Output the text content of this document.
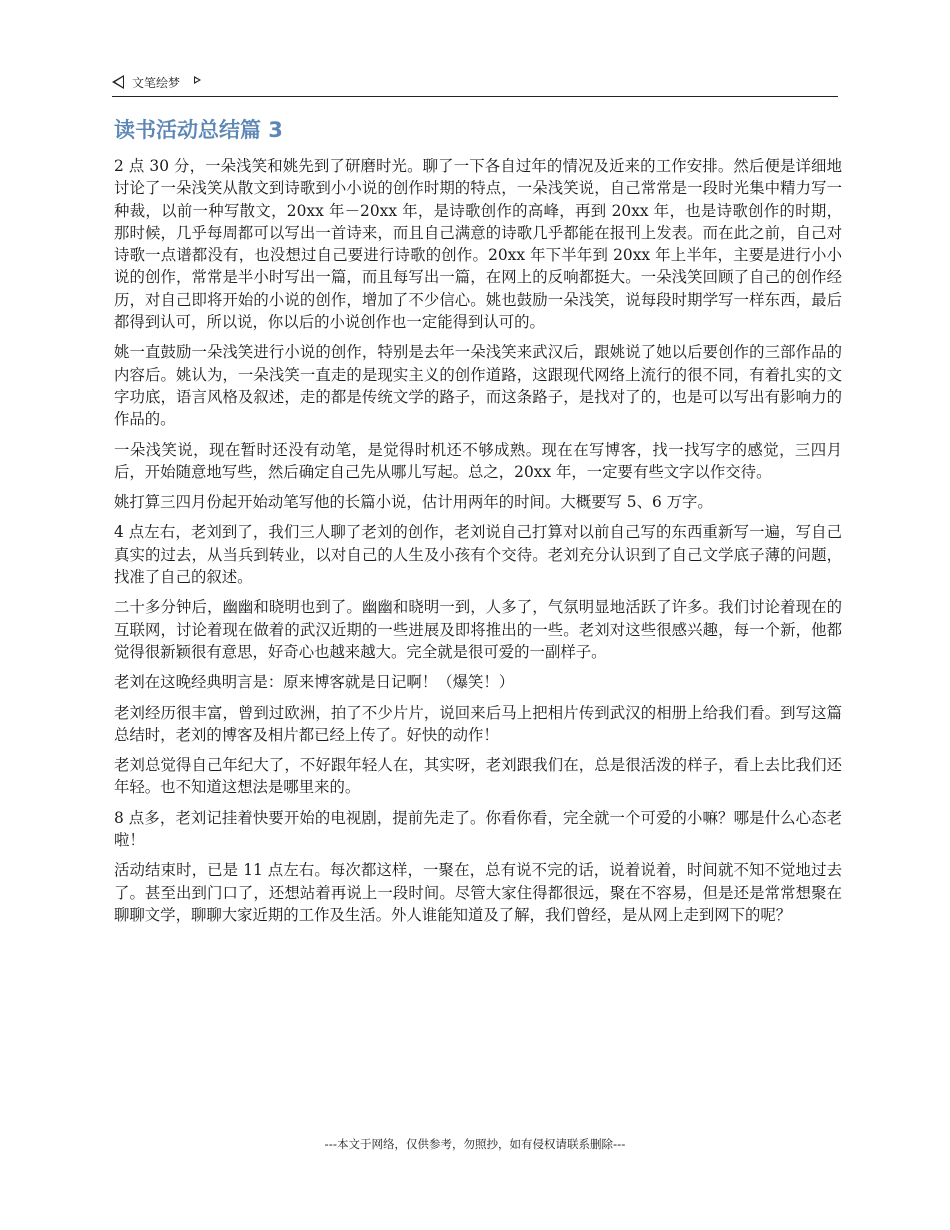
文笔绘梦
读书活动总结篇 3

2 点 30 分，一朵浅笑和姚先到了研磨时光。聊了一下各自过年的情况及近来的工作安排。然后便是详细地讨论了一朵浅笑从散文到诗歌到小小说的创作时期的特点，一朵浅笑说，自己常常是一段时光集中精力写一种裁，以前一种写散文，20xx 年－20xx 年，是诗歌创作的高峰，再到 20xx 年，也是诗歌创作的时期，那时候，几乎每周都可以写出一首诗来，而且自己满意的诗歌几乎都能在报刊上发表。而在此之前，自己对诗歌一点谱都没有，也没想过自己要进行诗歌的创作。20xx 年下半年到 20xx 年上半年，主要是进行小小说的创作，常常是半小时写出一篇，而且每写出一篇，在网上的反响都挺大。一朵浅笑回顾了自己的创作经历，对自己即将开始的小说的创作，增加了不少信心。姚也鼓励一朵浅笑，说每段时期学写一样东西，最后都得到认可，所以说，你以后的小说创作也一定能得到认可的。

姚一直鼓励一朵浅笑进行小说的创作，特别是去年一朵浅笑来武汉后，跟姚说了她以后要创作的三部作品的内容后。姚认为，一朵浅笑一直走的是现实主义的创作道路，这跟现代网络上流行的很不同，有着扎实的文字功底，语言风格及叙述，走的都是传统文学的路子，而这条路子，是找对了的，也是可以写出有影响力的作品的。

一朵浅笑说，现在暂时还没有动笔，是觉得时机还不够成熟。现在在写博客，找一找写字的感觉，三四月后，开始随意地写些，然后确定自己先从哪儿写起。总之，20xx 年，一定要有些文字以作交待。

姚打算三四月份起开始动笔写他的长篇小说，估计用两年的时间。大概要写 5、6 万字。

4 点左右，老刘到了，我们三人聊了老刘的创作，老刘说自己打算对以前自己写的东西重新写一遍，写自己真实的过去，从当兵到转业，以对自己的人生及小孩有个交待。老刘充分认识到了自己文学底子薄的问题，找准了自己的叙述。

二十多分钟后，幽幽和晓明也到了。幽幽和晓明一到，人多了，气氛明显地活跃了许多。我们讨论着现在的互联网，讨论着现在做着的武汉近期的一些进展及即将推出的一些。老刘对这些很感兴趣，每一个新，他都觉得很新颖很有意思，好奇心也越来越大。完全就是很可爱的一副样子。

老刘在这晚经典明言是：原来博客就是日记啊！（爆笑！）

老刘经历很丰富，曾到过欧洲，拍了不少片片，说回来后马上把相片传到武汉的相册上给我们看。到写这篇总结时，老刘的博客及相片都已经上传了。好快的动作！

老刘总觉得自己年纪大了，不好跟年轻人在，其实呀，老刘跟我们在，总是很活泼的样子，看上去比我们还年轻。也不知道这想法是哪里来的。

8 点多，老刘记挂着快要开始的电视剧，提前先走了。你看你看，完全就一个可爱的小嘛？哪是什么心态老啦！

活动结束时，已是 11 点左右。每次都这样，一聚在，总有说不完的话，说着说着，时间就不知不觉地过去了。甚至出到门口了，还想站着再说上一段时间。尽管大家住得都很远，聚在不容易，但是还是常常想聚在聊聊文学，聊聊大家近期的工作及生活。外人谁能知道及了解，我们曾经，是从网上走到网下的呢？

---本文于网络，仅供参考，勿照抄，如有侵权请联系删除---
